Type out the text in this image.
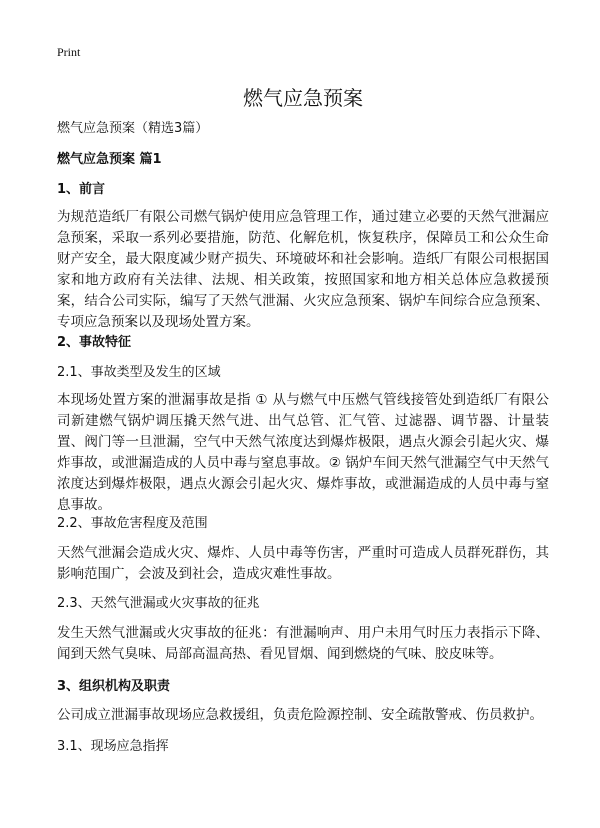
Print
燃气应急预案
燃气应急预案（精选3篇）
燃气应急预案 篇1
1、前言
为规范造纸厂有限公司燃气锅炉使用应急管理工作，通过建立必要的天然气泄漏应急预案，采取一系列必要措施，防范、化解危机，恢复秩序，保障员工和公众生命财产安全，最大限度减少财产损失、环境破坏和社会影响。造纸厂有限公司根据国家和地方政府有关法律、法规、相关政策，按照国家和地方相关总体应急救援预案，结合公司实际，编写了天然气泄漏、火灾应急预案、锅炉车间综合应急预案、专项应急预案以及现场处置方案。
2、事故特征
2.1、事故类型及发生的区域
本现场处置方案的泄漏事故是指 ① 从与燃气中压燃气管线接管处到造纸厂有限公司新建燃气锅炉调压撬天然气进、出气总管、汇气管、过滤器、调节器、计量装置、阀门等一旦泄漏，空气中天然气浓度达到爆炸极限，遇点火源会引起火灾、爆炸事故，或泄漏造成的人员中毒与窒息事故。② 锅炉车间天然气泄漏空气中天然气浓度达到爆炸极限，遇点火源会引起火灾、爆炸事故，或泄漏造成的人员中毒与窒息事故。
2.2、事故危害程度及范围
天然气泄漏会造成火灾、爆炸、人员中毒等伤害，严重时可造成人员群死群伤，其影响范围广，会波及到社会，造成灾难性事故。
2.3、天然气泄漏或火灾事故的征兆
发生天然气泄漏或火灾事故的征兆：有泄漏响声、用户未用气时压力表指示下降、闻到天然气臭味、局部高温高热、看见冒烟、闻到燃烧的气味、胶皮味等。
3、组织机构及职责
公司成立泄漏事故现场应急救援组，负责危险源控制、安全疏散警戒、伤员救护。
3.1、现场应急指挥
